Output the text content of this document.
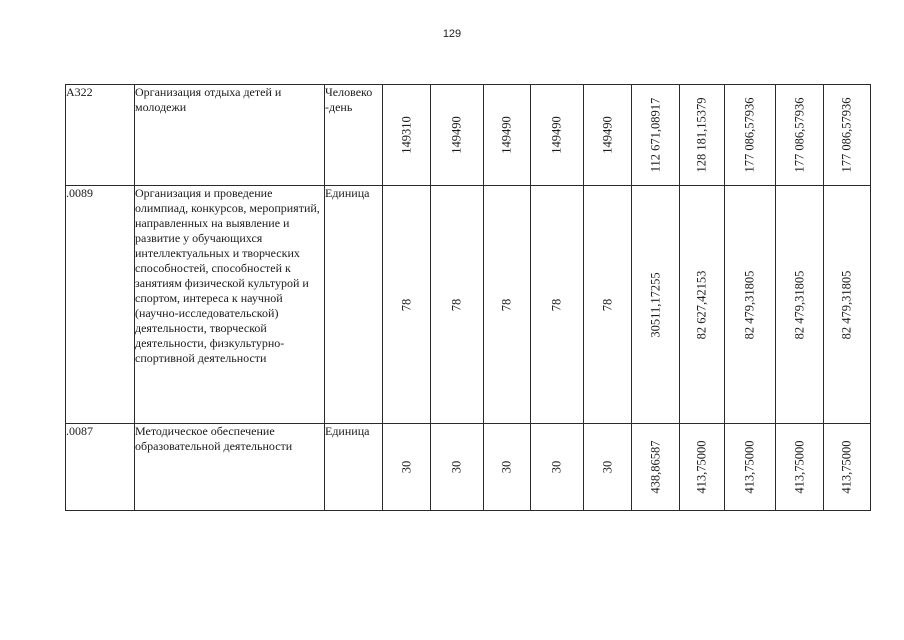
129
А322	Организация отдыха детей и молодежи	Человеко -день	149310	149490	149490	149490	149490	112 671,08917	128 181,15379	177 086,57936	177 086,57936	177 086,57936

.0089	Организация и проведение олимпиад, конкурсов, мероприятий, направленных на выявление и развитие у обучающихся интеллектуальных и творческих способностей, способностей к занятиям физической культурой и спортом, интереса к научной (научно-исследовательской) деятельности, творческой деятельности, физкультурно-спортивной деятельности	Единица	78	78	78	78	78	30511,17255	82 627,42153	82 479,31805	82 479,31805	82 479,31805

.0087	Методическое обеспечение образовательной деятельности	Единица	30	30	30	30	30	438,86587	413,75000	413,75000	413,75000	413,75000
